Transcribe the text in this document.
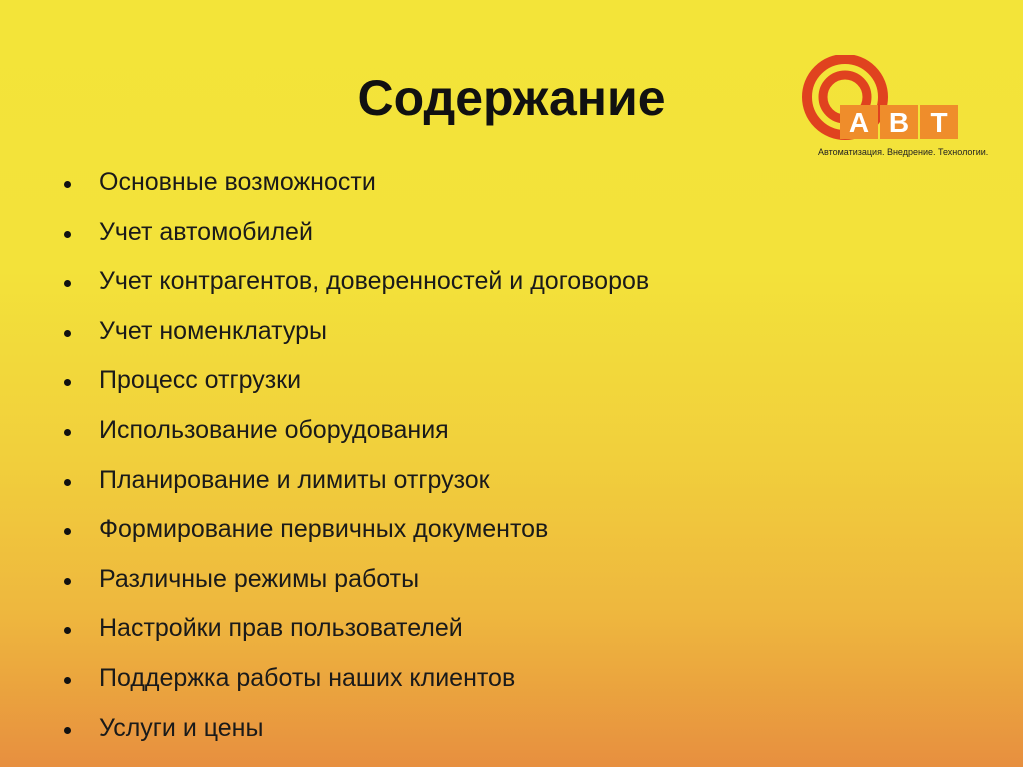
Содержание	А В Т
Автоматизация. Внедрение. Технологии.
Основные возможности
Учет автомобилей
Учет контрагентов, доверенностей и договоров
Учет номенклатуры
Процесс отгрузки
Использование оборудования
Планирование и лимиты отгрузок
Формирование первичных документов
Различные режимы работы
Настройки прав пользователей
Поддержка работы наших клиентов
Услуги и цены
